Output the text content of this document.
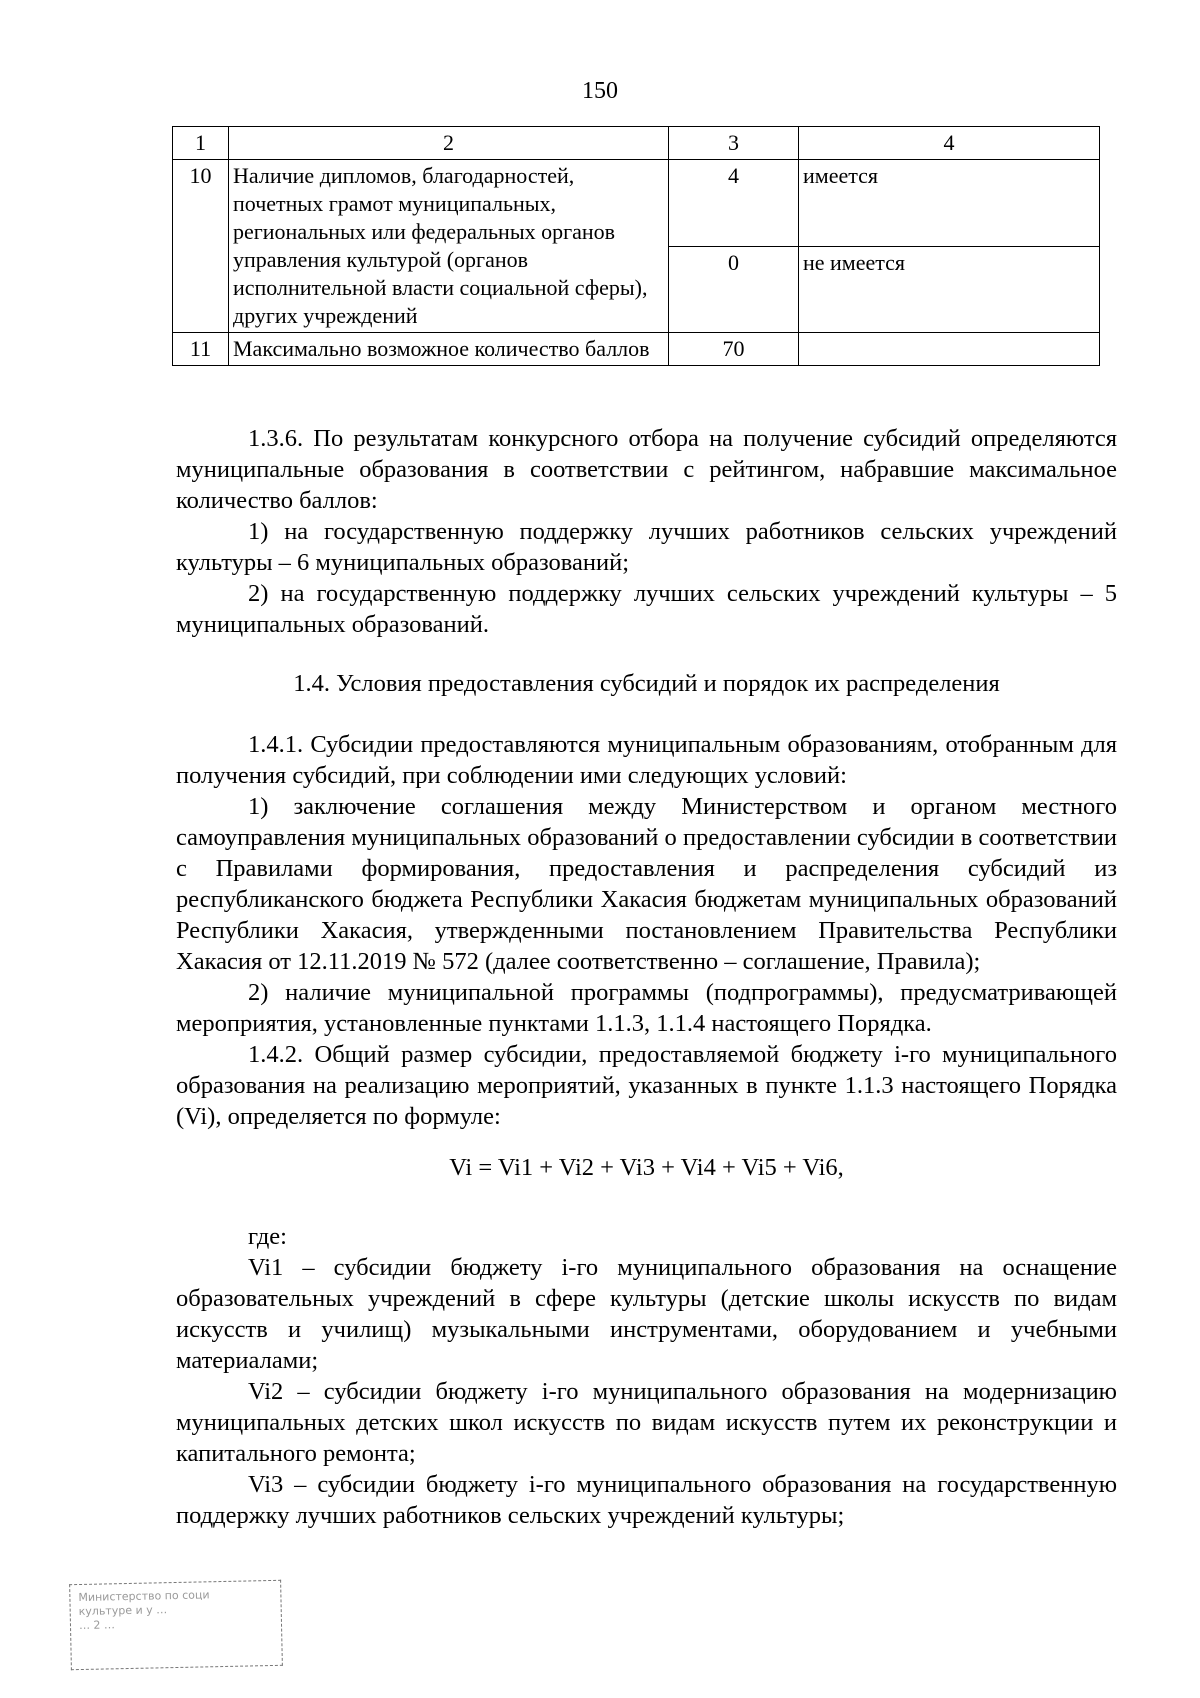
150
1	2	3	4
10	Наличие дипломов, благодарностей, почетных грамот муниципальных, региональных или федеральных органов управления культурой (органов исполнительной власти социальной сферы), других учреждений	4	имеется
		0	не имеется
11	Максимально возможное количество баллов	70	

1.3.6. По результатам конкурсного отбора на получение субсидий определяются муниципальные образования в соответствии с рейтингом, набравшие максимальное количество баллов:

1) на государственную поддержку лучших работников сельских учреждений культуры – 6 муниципальных образований;

2) на государственную поддержку лучших сельских учреждений культуры – 5 муниципальных образований.

1.4. Условия предоставления субсидий и порядок их распределения

1.4.1. Субсидии предоставляются муниципальным образованиям, отобранным для получения субсидий, при соблюдении ими следующих условий:

1) заключение соглашения между Министерством и органом местного самоуправления муниципальных образований о предоставлении субсидии в соответствии с Правилами формирования, предоставления и распределения субсидий из республиканского бюджета Республики Хакасия бюджетам муниципальных образований Республики Хакасия, утвержденными постановлением Правительства Республики Хакасия от 12.11.2019 № 572 (далее соответственно – соглашение, Правила);

2) наличие муниципальной программы (подпрограммы), предусматривающей мероприятия, установленные пунктами 1.1.3, 1.1.4 настоящего Порядка.

1.4.2. Общий размер субсидии, предоставляемой бюджету i-го муниципального образования на реализацию мероприятий, указанных в пункте 1.1.3 настоящего Порядка (Vi), определяется по формуле:

Vi = Vi1 + Vi2 + Vi3 + Vi4 + Vi5 + Vi6,

где:

Vi1 – субсидии бюджету i-го муниципального образования на оснащение образовательных учреждений в сфере культуры (детские школы искусств по видам искусств и училищ) музыкальными инструментами, оборудованием и учебными материалами;

Vi2 – субсидии бюджету i-го муниципального образования на модернизацию муниципальных детских школ искусств по видам искусств путем их реконструкции и капитального ремонта;

Vi3 – субсидии бюджету i-го муниципального образования на государственную поддержку лучших работников сельских учреждений культуры;

Министерство по соци
культуре и у …
… 2 …
